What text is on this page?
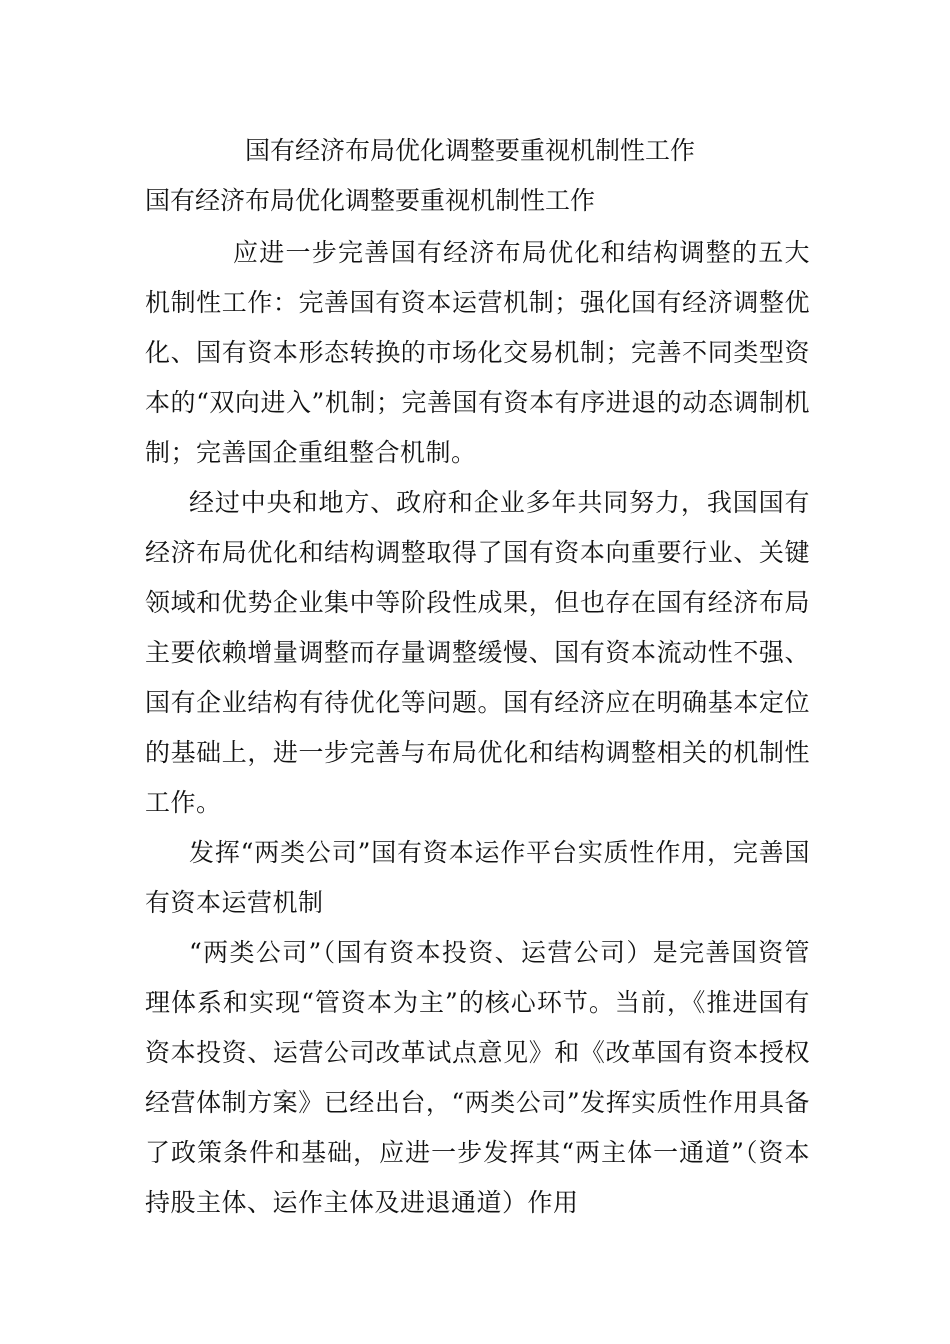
国有经济布局优化调整要重视机制性工作
国有经济布局优化调整要重视机制性工作

应进一步完善国有经济布局优化和结构调整的五大机制性工作：完善国有资本运营机制；强化国有经济调整优化、国有资本形态转换的市场化交易机制；完善不同类型资本的“双向进入”机制；完善国有资本有序进退的动态调制机制；完善国企重组整合机制。

经过中央和地方、政府和企业多年共同努力，我国国有经济布局优化和结构调整取得了国有资本向重要行业、关键领域和优势企业集中等阶段性成果，但也存在国有经济布局主要依赖增量调整而存量调整缓慢、国有资本流动性不强、国有企业结构有待优化等问题。国有经济应在明确基本定位的基础上，进一步完善与布局优化和结构调整相关的机制性工作。

发挥“两类公司”国有资本运作平台实质性作用，完善国有资本运营机制

“两类公司”（国有资本投资、运营公司）是完善国资管理体系和实现“管资本为主”的核心环节。当前，《推进国有资本投资、运营公司改革试点意见》和《改革国有资本授权经营体制方案》已经出台，“两类公司”发挥实质性作用具备了政策条件和基础，应进一步发挥其“两主体一通道”（资本持股主体、运作主体及进退通道）作用
